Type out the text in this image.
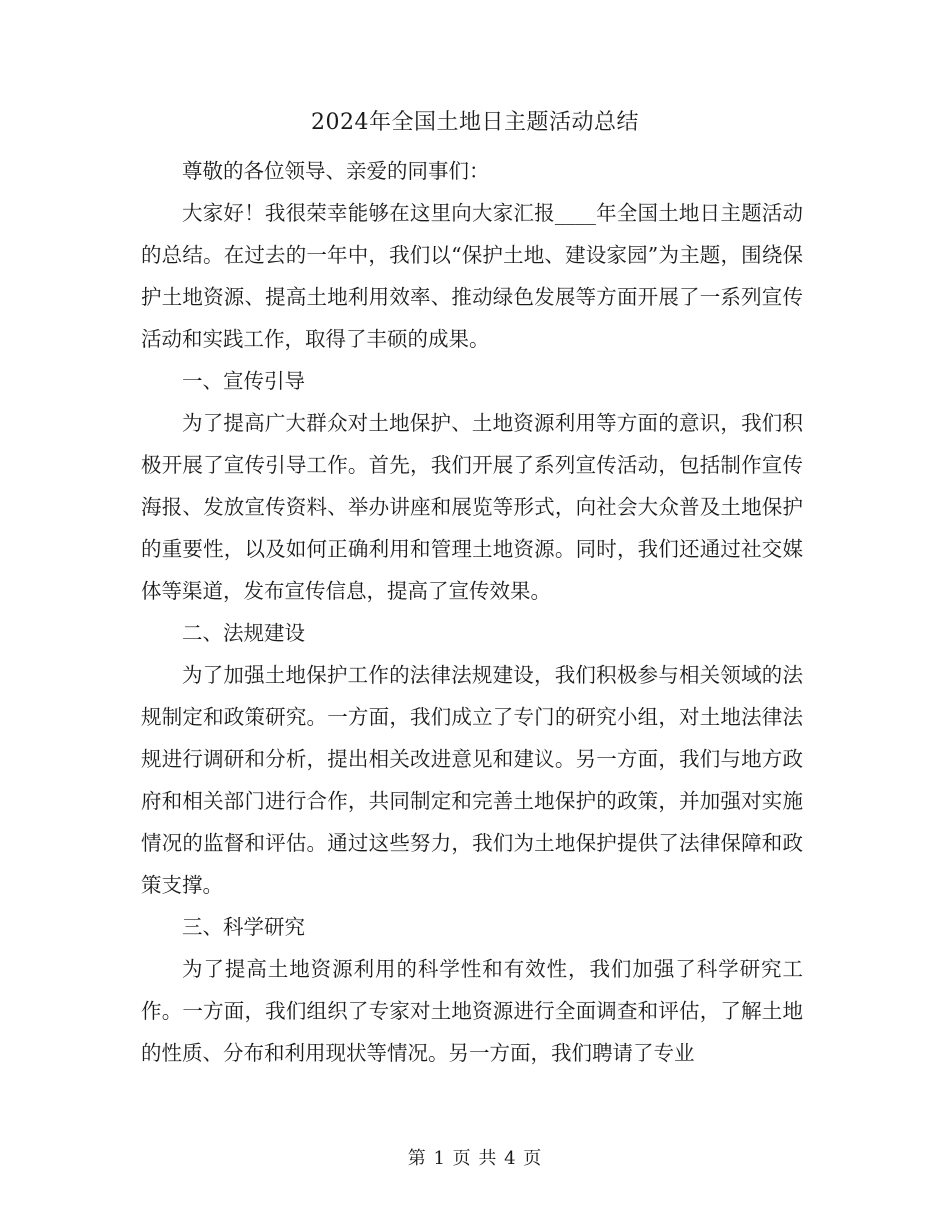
2024年全国土地日主题活动总结

尊敬的各位领导、亲爱的同事们：

大家好！我很荣幸能够在这里向大家汇报____年全国土地日主题活动的总结。在过去的一年中，我们以“保护土地、建设家园”为主题，围绕保护土地资源、提高土地利用效率、推动绿色发展等方面开展了一系列宣传活动和实践工作，取得了丰硕的成果。

一、宣传引导

为了提高广大群众对土地保护、土地资源利用等方面的意识，我们积极开展了宣传引导工作。首先，我们开展了系列宣传活动，包括制作宣传海报、发放宣传资料、举办讲座和展览等形式，向社会大众普及土地保护的重要性，以及如何正确利用和管理土地资源。同时，我们还通过社交媒体等渠道，发布宣传信息，提高了宣传效果。

二、法规建设

为了加强土地保护工作的法律法规建设，我们积极参与相关领域的法规制定和政策研究。一方面，我们成立了专门的研究小组，对土地法律法规进行调研和分析，提出相关改进意见和建议。另一方面，我们与地方政府和相关部门进行合作，共同制定和完善土地保护的政策，并加强对实施情况的监督和评估。通过这些努力，我们为土地保护提供了法律保障和政策支撑。

三、科学研究

为了提高土地资源利用的科学性和有效性，我们加强了科学研究工作。一方面，我们组织了专家对土地资源进行全面调查和评估，了解土地的性质、分布和利用现状等情况。另一方面，我们聘请了专业

第 1 页 共 4 页
